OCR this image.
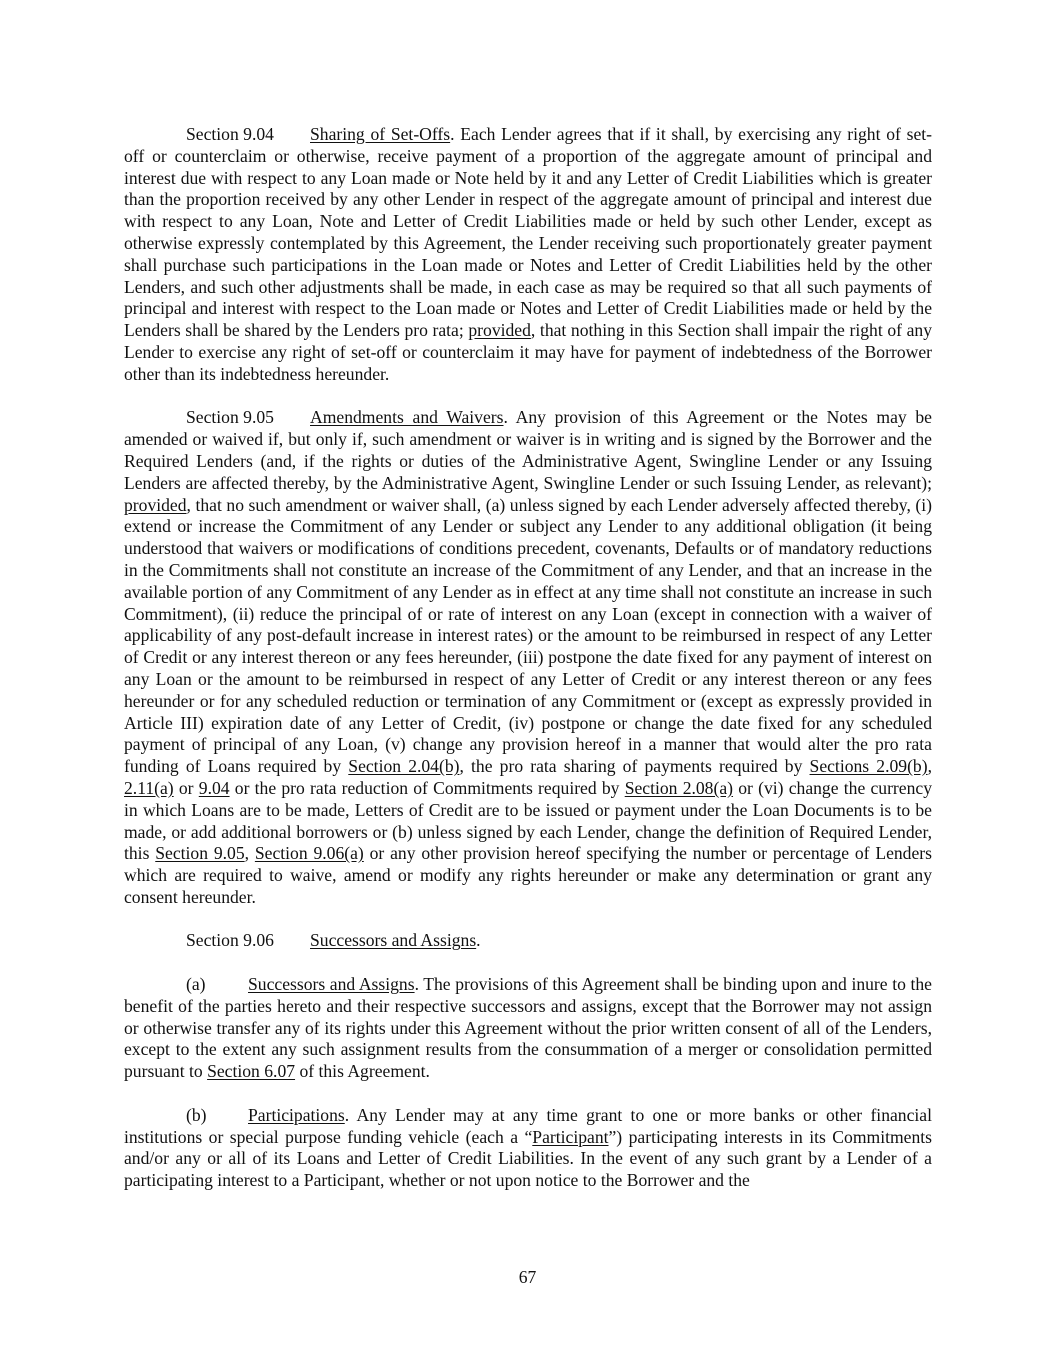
Section 9.04 Sharing of Set-Offs. Each Lender agrees that if it shall, by exercising any right of set-off or counterclaim or otherwise, receive payment of a proportion of the aggregate amount of principal and interest due with respect to any Loan made or Note held by it and any Letter of Credit Liabilities which is greater than the proportion received by any other Lender in respect of the aggregate amount of principal and interest due with respect to any Loan, Note and Letter of Credit Liabilities made or held by such other Lender, except as otherwise expressly contemplated by this Agreement, the Lender receiving such proportionately greater payment shall purchase such participations in the Loan made or Notes and Letter of Credit Liabilities held by the other Lenders, and such other adjustments shall be made, in each case as may be required so that all such payments of principal and interest with respect to the Loan made or Notes and Letter of Credit Liabilities made or held by the Lenders shall be shared by the Lenders pro rata; provided, that nothing in this Section shall impair the right of any Lender to exercise any right of set-off or counterclaim it may have for payment of indebtedness of the Borrower other than its indebtedness hereunder.

Section 9.05 Amendments and Waivers. Any provision of this Agreement or the Notes may be amended or waived if, but only if, such amendment or waiver is in writing and is signed by the Borrower and the Required Lenders (and, if the rights or duties of the Administrative Agent, Swingline Lender or any Issuing Lenders are affected thereby, by the Administrative Agent, Swingline Lender or such Issuing Lender, as relevant); provided, that no such amendment or waiver shall, (a) unless signed by each Lender adversely affected thereby, (i) extend or increase the Commitment of any Lender or subject any Lender to any additional obligation (it being understood that waivers or modifications of conditions precedent, covenants, Defaults or of mandatory reductions in the Commitments shall not constitute an increase of the Commitment of any Lender, and that an increase in the available portion of any Commitment of any Lender as in effect at any time shall not constitute an increase in such Commitment), (ii) reduce the principal of or rate of interest on any Loan (except in connection with a waiver of applicability of any post-default increase in interest rates) or the amount to be reimbursed in respect of any Letter of Credit or any interest thereon or any fees hereunder, (iii) postpone the date fixed for any payment of interest on any Loan or the amount to be reimbursed in respect of any Letter of Credit or any interest thereon or any fees hereunder or for any scheduled reduction or termination of any Commitment or (except as expressly provided in Article III) expiration date of any Letter of Credit, (iv) postpone or change the date fixed for any scheduled payment of principal of any Loan, (v) change any provision hereof in a manner that would alter the pro rata funding of Loans required by Section 2.04(b), the pro rata sharing of payments required by Sections 2.09(b), 2.11(a) or 9.04 or the pro rata reduction of Commitments required by Section 2.08(a) or (vi) change the currency in which Loans are to be made, Letters of Credit are to be issued or payment under the Loan Documents is to be made, or add additional borrowers or (b) unless signed by each Lender, change the definition of Required Lender, this Section 9.05, Section 9.06(a) or any other provision hereof specifying the number or percentage of Lenders which are required to waive, amend or modify any rights hereunder or make any determination or grant any consent hereunder.

Section 9.06 Successors and Assigns.

(a) Successors and Assigns. The provisions of this Agreement shall be binding upon and inure to the benefit of the parties hereto and their respective successors and assigns, except that the Borrower may not assign or otherwise transfer any of its rights under this Agreement without the prior written consent of all of the Lenders, except to the extent any such assignment results from the consummation of a merger or consolidation permitted pursuant to Section 6.07 of this Agreement.

(b) Participations. Any Lender may at any time grant to one or more banks or other financial institutions or special purpose funding vehicle (each a “Participant”) participating interests in its Commitments and/or any or all of its Loans and Letter of Credit Liabilities. In the event of any such grant by a Lender of a participating interest to a Participant, whether or not upon notice to the Borrower and the

67
